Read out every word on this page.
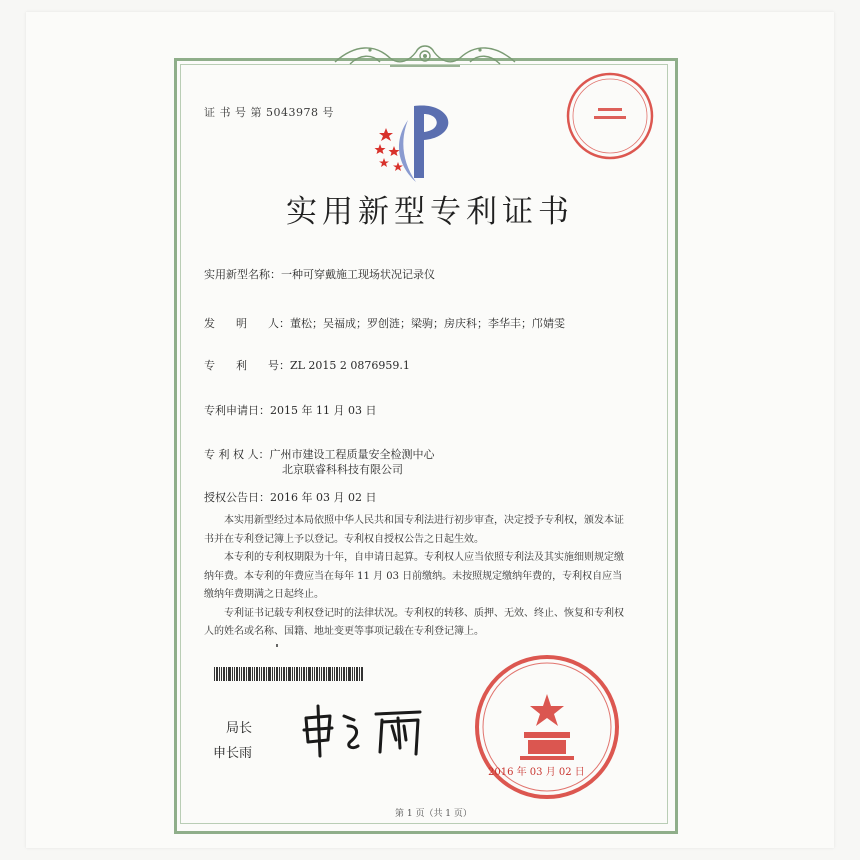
证 书 号 第 5043978 号
实用新型专利证书
实用新型名称：一种可穿戴施工现场状况记录仪
发      明      人：董松；吴福成；罗创涟；梁驹；房庆科；李华丰；邝婧雯
专      利      号：ZL 2015 2 0876959.1
专利申请日：2015 年 11 月 03 日
专 利 权 人：广州市建设工程质量安全检测中心
北京联睿科科技有限公司
授权公告日：2016 年 03 月 02 日

本实用新型经过本局依照中华人民共和国专利法进行初步审查，决定授予专利权，颁发本证书并在专利登记簿上予以登记。专利权自授权公告之日起生效。

本专利的专利权期限为十年，自申请日起算。专利权人应当依照专利法及其实施细则规定缴纳年费。本专利的年费应当在每年 11 月 03 日前缴纳。未按照规定缴纳年费的，专利权自应当缴纳年费期满之日起终止。

专利证书记载专利权登记时的法律状况。专利权的转移、质押、无效、终止、恢复和专利权人的姓名或名称、国籍、地址变更等事项记载在专利登记簿上。

局长
申长雨
2016 年 03 月 02 日
第 1 页（共 1 页）
